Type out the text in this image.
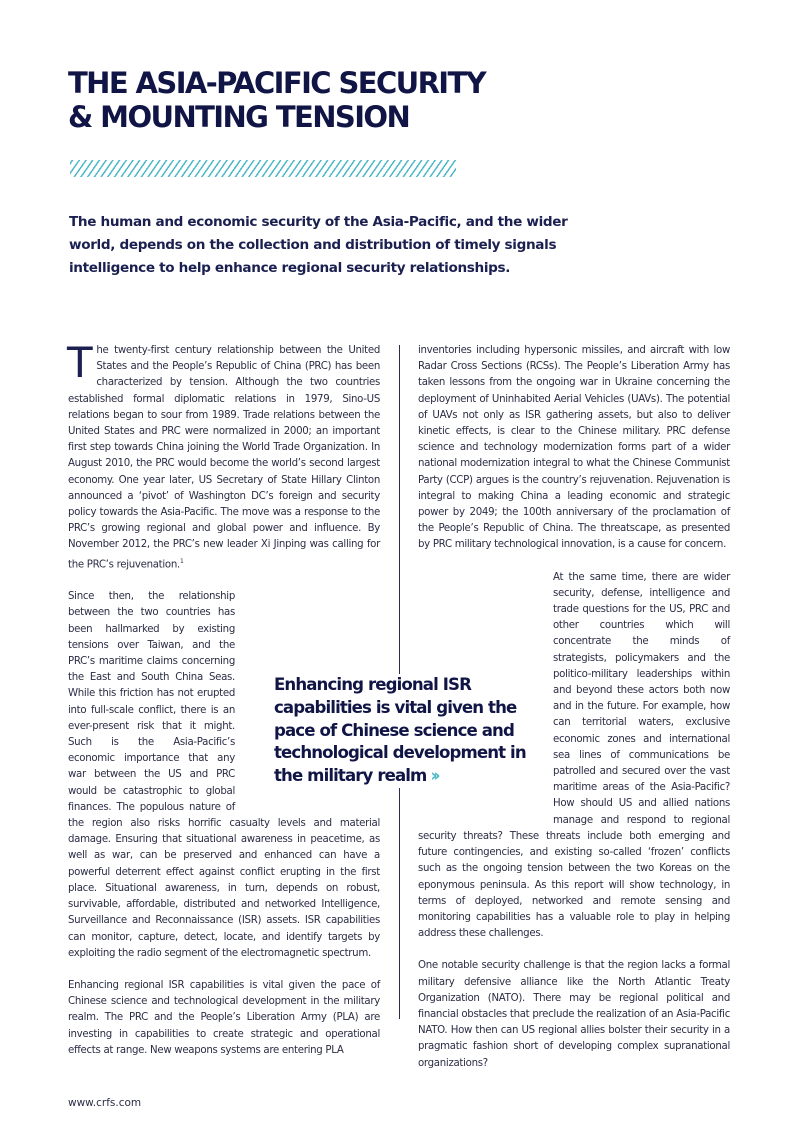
THE ASIA-PACIFIC SECURITY
& MOUNTING TENSION

The human and economic security of the Asia-Pacific, and the wider world, depends on the collection and distribution of timely signals intelligence to help enhance regional security relationships.

The twenty-first century relationship between the United States and the People’s Republic of China (PRC) has been characterized by tension. Although the two countries established formal diplomatic relations in 1979, Sino-US relations began to sour from 1989. Trade relations between the United States and PRC were normalized in 2000; an important first step towards China joining the World Trade Organization. In August 2010, the PRC would become the world’s second largest economy. One year later, US Secretary of State Hillary Clinton announced a ‘pivot’ of Washington DC’s foreign and security policy towards the Asia-Pacific. The move was a response to the PRC’s growing regional and global power and influence. By November 2012, the PRC’s new leader Xi Jinping was calling for the PRC’s rejuvenation.$^1$

Since then, the relationship between the two countries has been hallmarked by existing tensions over Taiwan, and the PRC’s maritime claims concerning the East and South China Seas. While this friction has not erupted into full-scale conflict, there is an ever-present risk that it might. Such is the Asia-Pacific’s economic importance that any war between the US and PRC would be catastrophic to global finances. The populous nature of the region also risks horrific casualty levels and material damage. Ensuring that situational awareness in peacetime, as well as war, can be preserved and enhanced can have a powerful deterrent effect against conflict erupting in the first place. Situational awareness, in turn, depends on robust, survivable, affordable, distributed and networked Intelligence, Surveillance and Reconnaissance (ISR) assets. ISR capabilities can monitor, capture, detect, locate, and identify targets by exploiting the radio segment of the electromagnetic spectrum.

Enhancing regional ISR capabilities is vital given the pace of Chinese science and technological development in the military realm. The PRC and the People’s Liberation Army (PLA) are investing in capabilities to create strategic and operational effects at range. New weapons systems are entering PLA

inventories including hypersonic missiles, and aircraft with low Radar Cross Sections (RCSs). The People’s Liberation Army has taken lessons from the ongoing war in Ukraine concerning the deployment of Uninhabited Aerial Vehicles (UAVs). The potential of UAVs not only as ISR gathering assets, but also to deliver kinetic effects, is clear to the Chinese military. PRC defense science and technology modernization forms part of a wider national modernization integral to what the Chinese Communist Party (CCP) argues is the country’s rejuvenation. Rejuvenation is integral to making China a leading economic and strategic power by 2049; the 100th anniversary of the proclamation of the People’s Republic of China. The threatscape, as presented by PRC military technological innovation, is a cause for concern.

At the same time, there are wider security, defense, intelligence and trade questions for the US, PRC and other countries which will concentrate the minds of strategists, policymakers and the politico-military leaderships within and beyond these actors both now and in the future. For example, how can territorial waters, exclusive economic zones and international sea lines of communications be patrolled and secured over the vast maritime areas of the Asia-Pacific? How should US and allied nations manage and respond to regional security threats? These threats include both emerging and future contingencies, and existing so-called ‘frozen’ conflicts such as the ongoing tension between the two Koreas on the eponymous peninsula. As this report will show technology, in terms of deployed, networked and remote sensing and monitoring capabilities has a valuable role to play in helping address these challenges.

One notable security challenge is that the region lacks a formal military defensive alliance like the North Atlantic Treaty Organization (NATO). There may be regional political and financial obstacles that preclude the realization of an Asia-Pacific NATO. How then can US regional allies bolster their security in a pragmatic fashion short of developing complex supranational organizations?

Enhancing regional ISR capabilities is vital given the pace of Chinese science and technological development in the military realm ››

www.crfs.com
